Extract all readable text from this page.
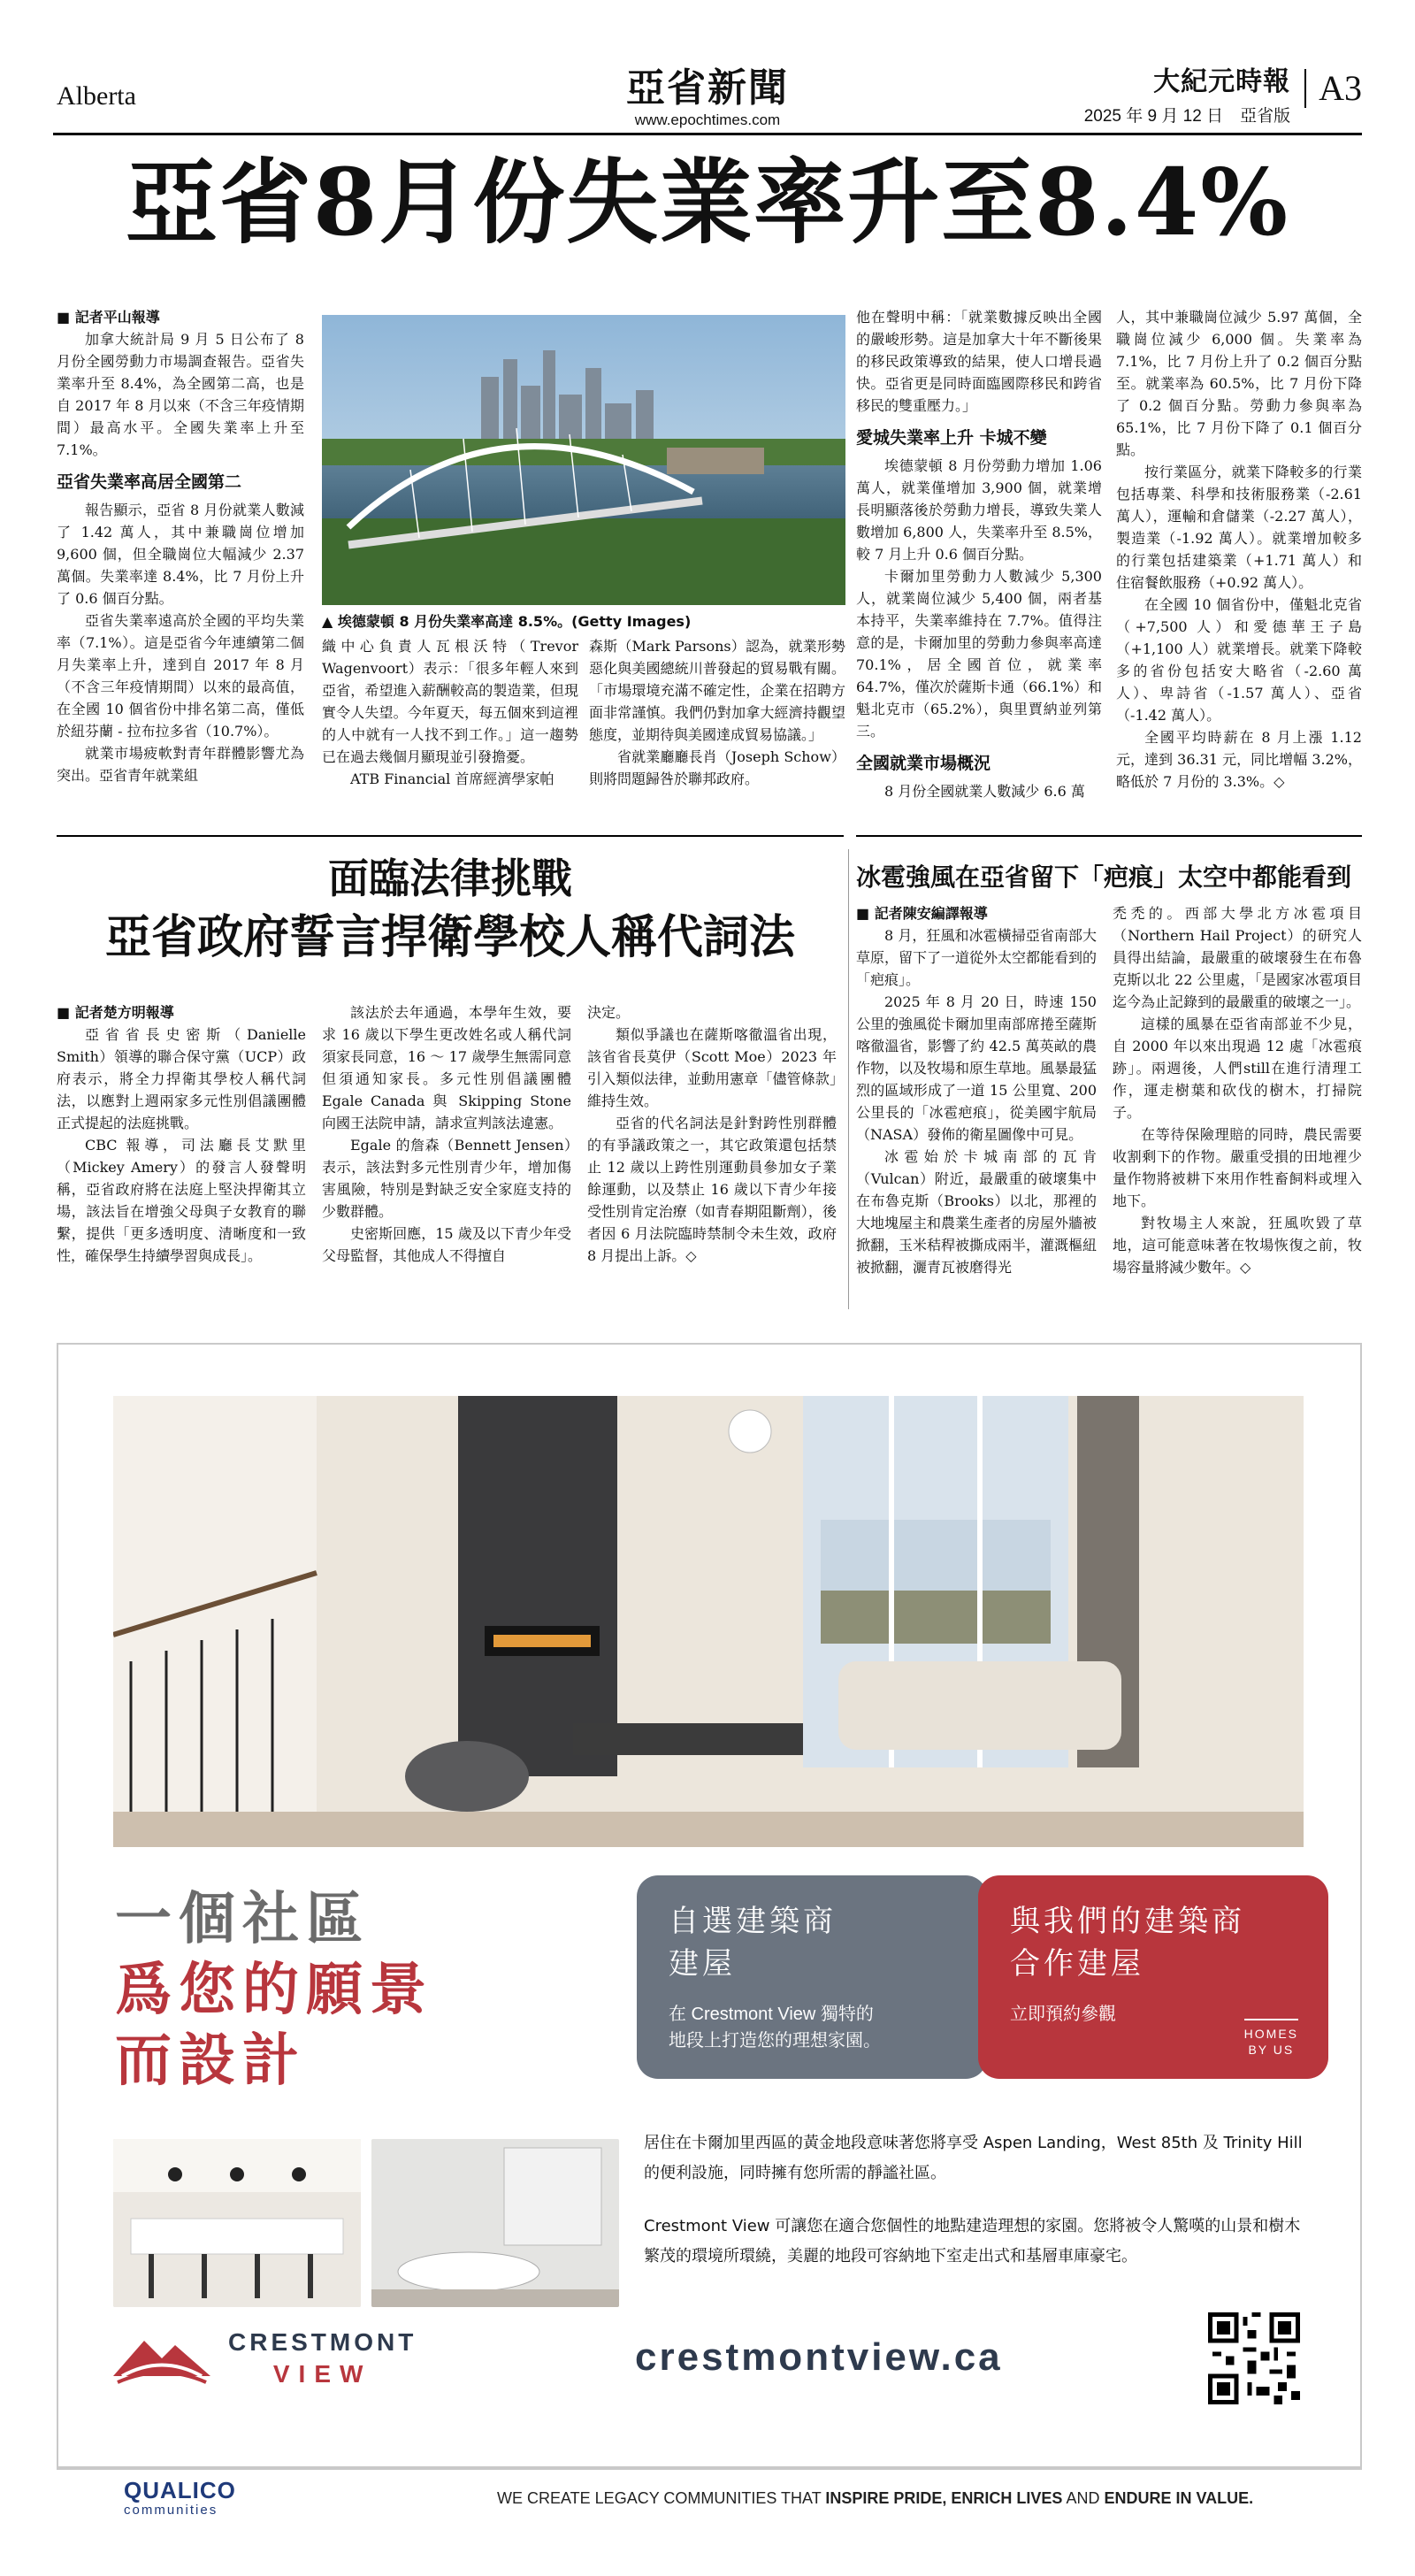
Alberta	亞省新聞
www.epochtimes.com
大紀元時報
2025 年 9 月 12 日　 亞省版
A3
亞省8月份失業率升至8.4%
■ 記者平山報導

加拿大統計局 9 月 5 日公布了 8 月份全國勞動力市場調查報告。亞省失業率升至 8.4%，為全國第二高，也是自 2017 年 8 月以來（不含三年疫情期間）最高水平。全國失業率上升至 7.1%。

亞省失業率高居全國第二

報告顯示，亞省 8 月份就業人數減了 1.42 萬人，其中兼職崗位增加 9,600 個，但全職崗位大幅減少 2.37 萬個。失業率達 8.4%，比 7 月份上升了 0.6 個百分點。

亞省失業率遠高於全國的平均失業率（7.1%）。這是亞省今年連續第二個月失業率上升，達到自 2017 年 8 月（不含三年疫情期間）以來的最高值，在全國 10 個省份中排名第二高，僅低於紐芬蘭 - 拉布拉多省（10.7%）。

就業市場疲軟對青年群體影響尤為突出。亞省青年就業組

▲ 埃德蒙頓 8 月份失業率高達 8.5%。(Getty Images)

織中心負責人瓦根沃特（Trevor Wagenvoort）表示：「很多年輕人來到亞省，希望進入薪酬較高的製造業，但現實令人失望。今年夏天，每五個來到這裡的人中就有一人找不到工作。」這一趨勢已在過去幾個月顯現並引發擔憂。

ATB Financial 首席經濟學家帕

森斯（Mark Parsons）認為，就業形勢惡化與美國總統川普發起的貿易戰有關。「市場環境充滿不確定性，企業在招聘方面非常謹慎。我們仍對加拿大經濟持觀望態度，並期待與美國達成貿易協議。」

省就業廳廳長肖（Joseph Schow）則將問題歸咎於聯邦政府。

他在聲明中稱：「就業數據反映出全國的嚴峻形勢。這是加拿大十年不斷後果的移民政策導致的結果，使人口增長過快。亞省更是同時面臨國際移民和跨省移民的雙重壓力。」

愛城失業率上升 卡城不變

埃德蒙頓 8 月份勞動力增加 1.06 萬人，就業僅增加 3,900 個，就業增長明顯落後於勞動力增長，導致失業人數增加 6,800 人，失業率升至 8.5%，較 7 月上升 0.6 個百分點。

卡爾加里勞動力人數減少 5,300 人，就業崗位減少 5,400 個，兩者基本持平，失業率維持在 7.7%。值得注意的是，卡爾加里的勞動力參與率高達 70.1%，居全國首位，就業率 64.7%，僅次於薩斯卡通（66.1%）和魁北克市（65.2%），與里賈納並列第三。

全國就業市場概況

8 月份全國就業人數減少 6.6 萬

人，其中兼職崗位減少 5.97 萬個，全職崗位減少 6,000 個。失業率為 7.1%，比 7 月份上升了 0.2 個百分點至。就業率為 60.5%，比 7 月份下降了 0.2 個百分點。勞動力參與率為 65.1%，比 7 月份下降了 0.1 個百分點。

按行業區分，就業下降較多的行業包括專業、科學和技術服務業（-2.61 萬人），運輸和倉儲業（-2.27 萬人），製造業（-1.92 萬人）。就業增加較多的行業包括建築業（+1.71 萬人）和住宿餐飲服務（+0.92 萬人）。

在全國 10 個省份中，僅魁北克省（+7,500 人）和愛德華王子島（+1,100 人）就業增長。就業下降較多的省份包括安大略省（-2.60 萬人）、卑詩省（-1.57 萬人）、亞省（-1.42 萬人）。

全國平均時薪在 8 月上漲 1.12 元，達到 36.31 元，同比增幅 3.2%，略低於 7 月份的 3.3%。◇

面臨法律挑戰
亞省政府誓言捍衛學校人稱代詞法
■ 記者楚方明報導

亞省省長史密斯（Danielle Smith）領導的聯合保守黨（UCP）政府表示，將全力捍衛其學校人稱代詞法，以應對上週兩家多元性別倡議團體正式提起的法庭挑戰。

CBC 報導，司法廳長艾默里（Mickey Amery）的發言人發聲明稱，亞省政府將在法庭上堅決捍衛其立場，該法旨在增強父母與子女教育的聯繫，提供「更多透明度、清晰度和一致性，確保學生持續學習與成長」。

該法於去年通過，本學年生效，要求 16 歲以下學生更改姓名或人稱代詞須家長同意，16 ～ 17 歲學生無需同意但須通知家長。多元性別倡議團體 Egale Canada 與 Skipping Stone 向國王法院申請，請求宣判該法違憲。

Egale 的詹森（Bennett Jensen）表示，該法對多元性別青少年，增加傷害風險，特別是對缺乏安全家庭支持的少數群體。

史密斯回應，15 歲及以下青少年受父母監督，其他成人不得擅自

決定。

類似爭議也在薩斯喀徹溫省出現，該省省長莫伊（Scott Moe）2023 年引入類似法律，並動用憲章「儘管條款」維持生效。

亞省的代名詞法是針對跨性別群體的有爭議政策之一，其它政策還包括禁止 12 歲以上跨性別運動員參加女子業餘運動，以及禁止 16 歲以下青少年接受性別肯定治療（如青春期阻斷劑），後者因 6 月法院臨時禁制令未生效，政府 8 月提出上訴。◇

冰雹強風在亞省留下「疤痕」太空中都能看到
■ 記者陳安編譯報導

8 月，狂風和冰雹橫掃亞省南部大草原，留下了一道從外太空都能看到的「疤痕」。

2025 年 8 月 20 日，時速 150 公里的強風從卡爾加里南部席捲至薩斯喀徹溫省，影響了約 42.5 萬英畝的農作物，以及牧場和原生草地。風暴最猛烈的區域形成了一道 15 公里寬、200 公里長的「冰雹疤痕」，從美國宇航局（NASA）發佈的衛星圖像中可見。

冰雹始於卡城南部的瓦肯（Vulcan）附近，最嚴重的破壞集中在布魯克斯（Brooks）以北，那裡的大地塊屋主和農業生產者的房屋外牆被掀翻，玉米秸稈被撕成兩半，灌溉樞紐被掀翻，灑青瓦被磨得光

禿禿的。西部大學北方冰雹項目（Northern Hail Project）的研究人員得出結論，最嚴重的破壞發生在布魯克斯以北 22 公里處，「是國家冰雹項目迄今為止記錄到的最嚴重的破壞之一」。

這樣的風暴在亞省南部並不少見，自 2000 年以來出現過 12 處「冰雹痕跡」。兩週後，人們still在進行清理工作，運走樹葉和砍伐的樹木，打掃院子。

在等待保險理賠的同時，農民需要收割剩下的作物。嚴重受損的田地裡少量作物將被耕下來用作牲畜飼料或埋入地下。

對牧場主人來說，狂風吹毀了草地，這可能意味著在牧場恢復之前，牧場容量將減少數年。◇

一個社區
爲您的願景
而設計
自選建築商
建屋
在 Crestmont View 獨特的
地段上打造您的理想家園。
與我們的建築商
合作建屋
立即預約參觀
HOMES
BY US
居住在卡爾加里西區的黃金地段意味著您將享受 Aspen Landing，West 85th 及 Trinity Hill 的便利設施，同時擁有您所需的靜謐社區。
Crestmont View 可讓您在適合您個性的地點建造理想的家園。您將被令人驚嘆的山景和樹木繁茂的環境所環繞，美麗的地段可容納地下室走出式和基層車庫豪宅。
CRESTMONT
VIEW	crestmontview.ca
QUALICO
communities
WE CREATE LEGACY COMMUNITIES THAT INSPIRE PRIDE, ENRICH LIVES AND ENDURE IN VALUE.
